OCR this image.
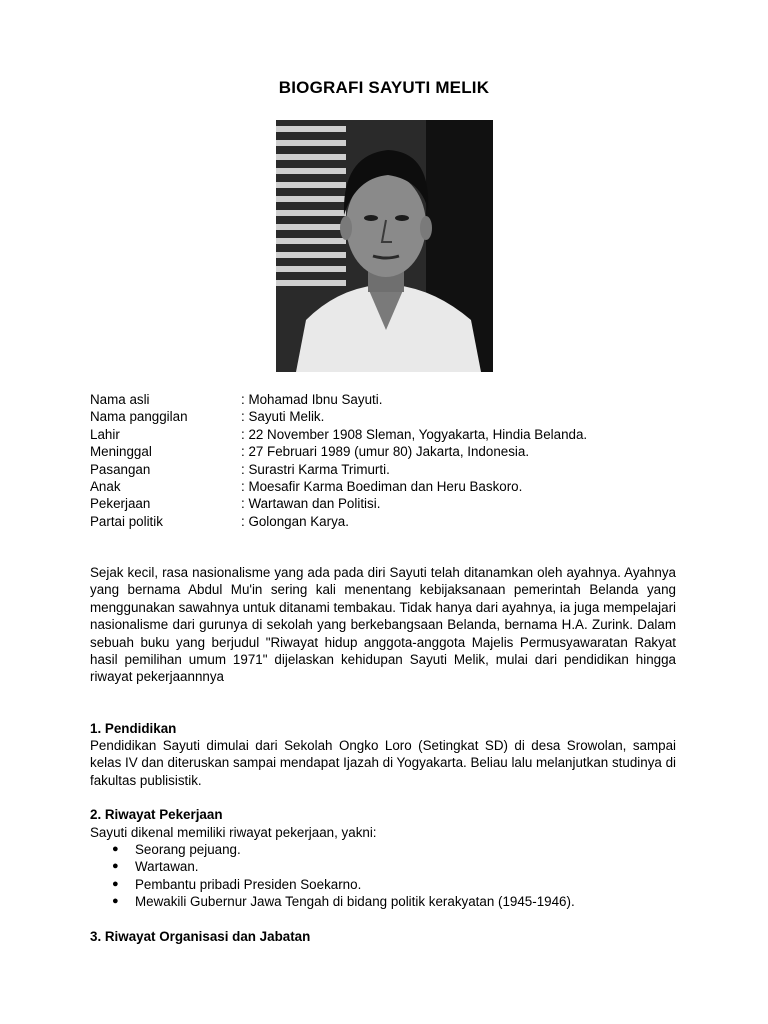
BIOGRAFI SAYUTI MELIK
Nama asli	: Mohamad Ibnu Sayuti.
Nama panggilan	: Sayuti Melik.
Lahir	: 22 November 1908 Sleman, Yogyakarta, Hindia Belanda.
Meninggal	: 27 Februari 1989 (umur 80) Jakarta, Indonesia.
Pasangan	: Surastri Karma Trimurti.
Anak	: Moesafir Karma Boediman dan Heru Baskoro.
Pekerjaan	: Wartawan dan Politisi.
Partai politik	: Golongan Karya.

Sejak kecil, rasa nasionalisme yang ada pada diri Sayuti telah ditanamkan oleh ayahnya. Ayahnya yang bernama Abdul Mu'in sering kali menentang kebijaksanaan pemerintah Belanda yang menggunakan sawahnya untuk ditanami tembakau. Tidak hanya dari ayahnya, ia juga mempelajari nasionalisme dari gurunya di sekolah yang berkebangsaan Belanda, bernama H.A. Zurink. Dalam sebuah buku yang berjudul "Riwayat hidup anggota-anggota Majelis Permusyawaratan Rakyat hasil pemilihan umum 1971" dijelaskan kehidupan Sayuti Melik, mulai dari pendidikan hingga riwayat pekerjaannnya

1. Pendidikan

Pendidikan Sayuti dimulai dari Sekolah Ongko Loro (Setingkat SD) di desa Srowolan, sampai kelas IV dan diteruskan sampai mendapat Ijazah di Yogyakarta. Beliau lalu melanjutkan studinya di fakultas publisistik.

2. Riwayat Pekerjaan
Sayuti dikenal memiliki riwayat pekerjaan, yakni:
● Seorang pejuang.
● Wartawan.
● Pembantu pribadi Presiden Soekarno.
● Mewakili Gubernur Jawa Tengah di bidang politik kerakyatan (1945-1946).
3. Riwayat Organisasi dan Jabatan
